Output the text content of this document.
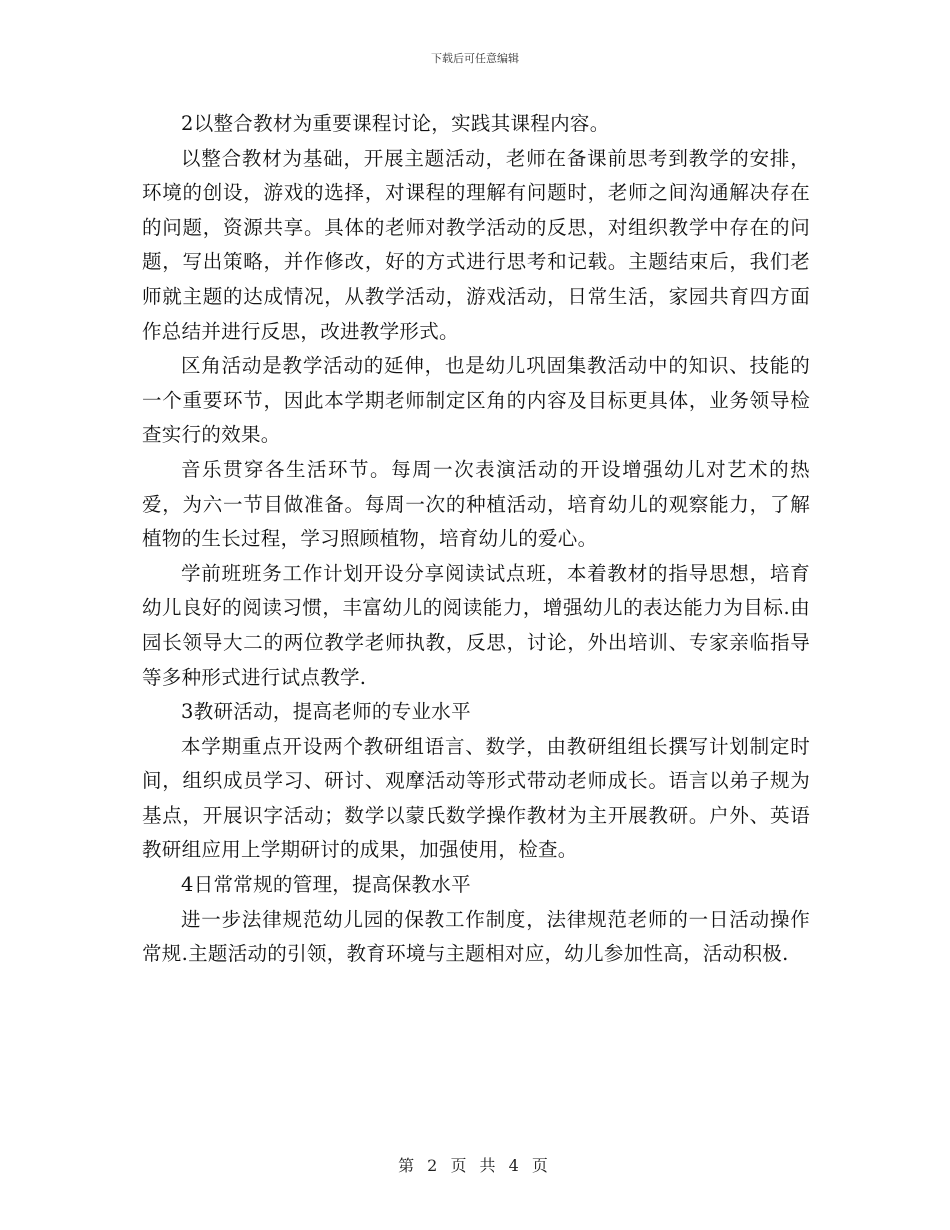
下载后可任意编辑

2以整合教材为重要课程讨论，实践其课程内容。

以整合教材为基础，开展主题活动，老师在备课前思考到教学的安排，环境的创设，游戏的选择，对课程的理解有问题时，老师之间沟通解决存在的问题，资源共享。具体的老师对教学活动的反思，对组织教学中存在的问题，写出策略，并作修改，好的方式进行思考和记载。主题结束后，我们老师就主题的达成情况，从教学活动，游戏活动，日常生活，家园共育四方面作总结并进行反思，改进教学形式。

区角活动是教学活动的延伸，也是幼儿巩固集教活动中的知识、技能的一个重要环节，因此本学期老师制定区角的内容及目标更具体，业务领导检查实行的效果。

音乐贯穿各生活环节。每周一次表演活动的开设增强幼儿对艺术的热爱，为六一节目做准备。每周一次的种植活动，培育幼儿的观察能力，了解植物的生长过程，学习照顾植物，培育幼儿的爱心。

学前班班务工作计划开设分享阅读试点班，本着教材的指导思想，培育幼儿良好的阅读习惯，丰富幼儿的阅读能力，增强幼儿的表达能力为目标.由园长领导大二的两位教学老师执教，反思，讨论，外出培训、专家亲临指导等多种形式进行试点教学.

3教研活动，提高老师的专业水平

本学期重点开设两个教研组语言、数学，由教研组组长撰写计划制定时间，组织成员学习、研讨、观摩活动等形式带动老师成长。语言以弟子规为基点，开展识字活动；数学以蒙氏数学操作教材为主开展教研。户外、英语教研组应用上学期研讨的成果，加强使用，检查。

4日常常规的管理，提高保教水平

进一步法律规范幼儿园的保教工作制度，法律规范老师的一日活动操作常规.主题活动的引领，教育环境与主题相对应，幼儿参加性高，活动积极.

第 2 页 共 4 页
